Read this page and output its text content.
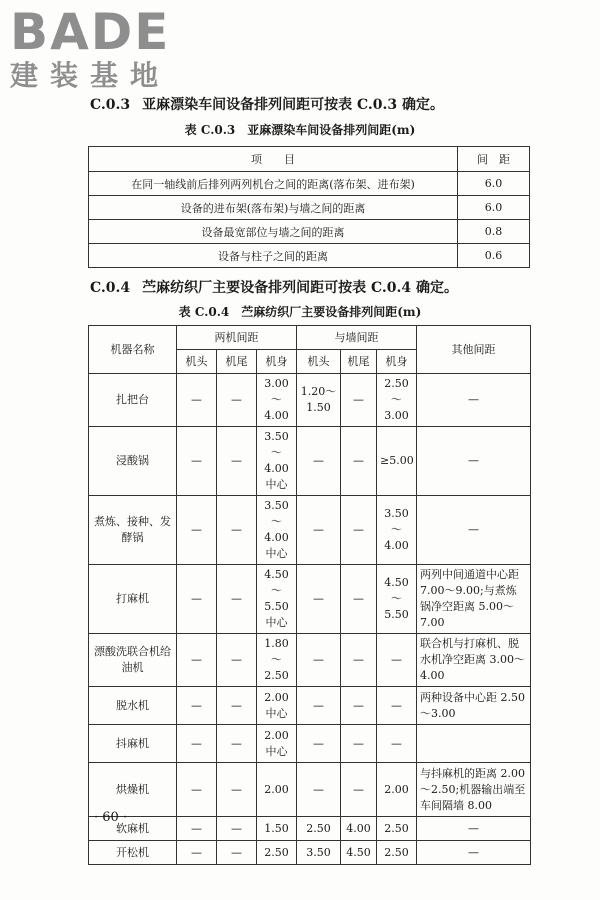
BADE
建装基地
C.0.3 亚麻漂染车间设备排列间距可按表 C.0.3 确定。
表 C.0.3　亚麻漂染车间设备排列间距(m)
项　　目	间　距
在同一轴线前后排列两列机台之间的距离(落布架、进布架)	6.0
设备的进布架(落布架)与墙之间的距离	6.0
设备最宽部位与墙之间的距离	0.8
设备与柱子之间的距离	0.6
C.0.4 苎麻纺织厂主要设备排列间距可按表 C.0.4 确定。
表 C.0.4　苎麻纺织厂主要设备排列间距(m)
机器名称	两机间距			与墙间距			其他间距
	机头	机尾	机身	机头	机尾	机身	
扎把台	—	—	3.00～4.00	1.20～1.50	—	2.50～3.00	—
浸酸锅	—	—	3.50～4.00中心	—	—	≥5.00	—
煮炼、接种、发酵锅	—	—	3.50～4.00中心	—	—	3.50～4.00	—
打麻机	—	—	4.50～5.50中心	—	—	4.50～5.50	两列中间通道中心距 7.00～9.00;与煮炼锅净空距离 5.00～7.00
漂酸洗联合机给油机	—	—	1.80～2.50	—	—	—	联合机与打麻机、脱水机净空距离 3.00～4.00
脱水机	—	—	2.00中心	—	—	—	两种设备中心距 2.50～3.00
抖麻机	—	—	2.00中心	—	—	—	
烘燥机	—	—	2.00	—	—	2.00	与抖麻机的距离 2.00～2.50;机器输出端至车间隔墙 8.00
软麻机	—	—	1.50	2.50	4.00	2.50	—
开松机	—	—	2.50	3.50	4.50	2.50	—
· 60 ·
